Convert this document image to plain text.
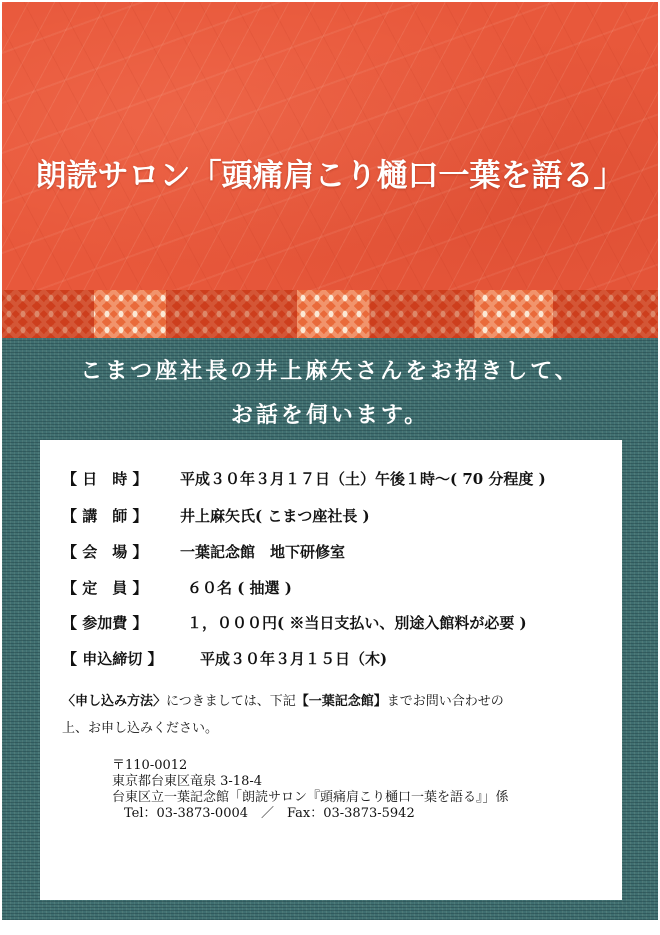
朗読サロン「頭痛肩こり樋口一葉を語る」
こまつ座社長の井上麻矢さんをお招きして、
お話を伺います。
【 日　時 】 平成３０年３月１７日（土）午後１時～( 70 分程度 )
【 講　師 】 井上麻矢氏( こまつ座社長 )
【 会　場 】 一葉記念館　地下研修室
【 定　員 】	６０名 ( 抽選 )
【 参加費 】	１，０００円( ※当日支払い、別途入館料が必要 )
【 申込締切 】	平成３０年３月１５日（木)
〈申し込み方法〉につきましては、下記【一葉記念館】までお問い合わせの
上、お申し込みください。
〒110-0012
東京都台東区竜泉 3-18-4
台東区立一葉記念館「朗読サロン『頭痛肩こり樋口一葉を語る』」係
Tel：03-3873-0004　／　Fax：03-3873-5942
